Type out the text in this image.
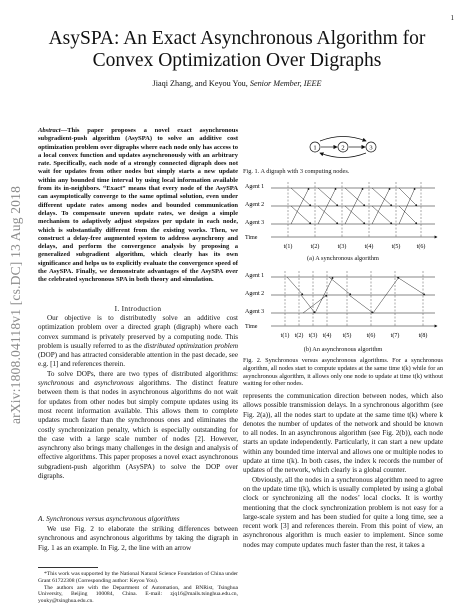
1
arXiv:1808.04118v1 [cs.DC] 13 Aug 2018
AsySPA: An Exact Asynchronous Algorithm for
Convex Optimization Over Digraphs
Jiaqi Zhang, and Keyou You, Senior Member, IEEE
Abstract—This paper proposes a novel exact asynchronous subgradient-push algorithm (AsySPA) to solve an additive cost optimization problem over digraphs where each node only has access to a local convex function and updates asynchronously with an arbitrary rate. Specifically, each node of a strongly connected digraph does not wait for updates from other nodes but simply starts a new update within any bounded time interval by using local information available from its in-neighbors. “Exact” means that every node of the AsySPA can asymptotically converge to the same optimal solution, even under different update rates among nodes and bounded communication delays. To compensate uneven update rates, we design a simple mechanism to adaptively adjust stepsizes per update in each node, which is substantially different from the existing works. Then, we construct a delay-free augmented system to address asynchrony and delays, and perform the convergence analysis by proposing a generalized subgradient algorithm, which clearly has its own significance and helps us to explicitly evaluate the convergence speed of the AsySPA. Finally, we demonstrate advantages of the AsySPA over the celebrated synchronous SPA in both theory and simulation.
I. Introduction

Our objective is to distributedly solve an additive cost optimization problem over a directed graph (digraph) where each convex summand is privately preserved by a computing node. This problem is usually referred to as the distributed optimization problem (DOP) and has attracted considerable attention in the past decade, see e.g. [1] and references therein.

To solve DOPs, there are two types of distributed algorithms: synchronous and asynchronous algorithms. The distinct feature between them is that nodes in asynchronous algorithms do not wait for updates from other nodes but simply compute updates using its most recent information available. This allows them to complete updates much faster than the synchronous ones and eliminates the costly synchronization penalty, which is especially outstanding for the case with a large scale number of nodes [2]. However, asynchrony also brings many challenges in the design and analysis of effective algorithms. This paper proposes a novel exact asynchronous subgradient-push algorithm (AsySPA) to solve the DOP over digraphs.

A. Synchronous versus asynchronous algorithms

We use Fig. 2 to elaborate the striking differences between synchronous and asynchronous algorithms by taking the digraph in Fig. 1 as an example. In Fig. 2, the line with an arrow

*This work was supported by the National Natural Science Foundation of China under Grant 61722308 (Corresponding author: Keyou You).

The authors are with the Department of Automation, and BNRist, Tsinghua University, Beijing 100084, China. E-mail: zjq16@mails.tsinghua.edu.cn, youky@tsinghua.edu.cn.

1	2	3
Fig. 1. A digraph with 3 computing nodes.
Agent 1
Agent 2
Agent 3
Time
t(1)	t(2)	t(3)	t(4)	t(5)	t(6)
(a) A synchronous algorithm
Agent 1
Agent 2
Agent 3
Time
t(1) t(2) t(3) t(4) t(5)	t(6)	t(7)	t(8)
(b) An asynchronous algorithm
Fig. 2. Synchronous versus asynchronous algorithms. For a synchronous algorithm, all nodes start to compute updates at the same time t(k) while for an asynchronous algorithm, it allows only one node to update at time t(k) without waiting for other nodes.

represents the communication direction between nodes, which also allows possible transmission delays. In a synchronous algorithm (see Fig. 2(a)), all the nodes start to update at the same time t(k) where k denotes the number of updates of the network and should be known to all nodes. In an asynchronous algorithm (see Fig. 2(b)), each node starts an update independently. Particularly, it can start a new update within any bounded time interval and allows one or multiple nodes to update at time t(k). In both cases, the index k records the number of updates of the network, which clearly is a global counter.

Obviously, all the nodes in a synchronous algorithm need to agree on the update time t(k), which is usually completed by using a global clock or synchronizing all the nodes’ local clocks. It is worthy mentioning that the clock synchronization problem is not easy for a large-scale system and has been studied for quite a long time, see a recent work [3] and references therein. From this point of view, an asynchronous algorithm is much easier to implement. Since some nodes may compute updates much faster than the rest, it takes a
